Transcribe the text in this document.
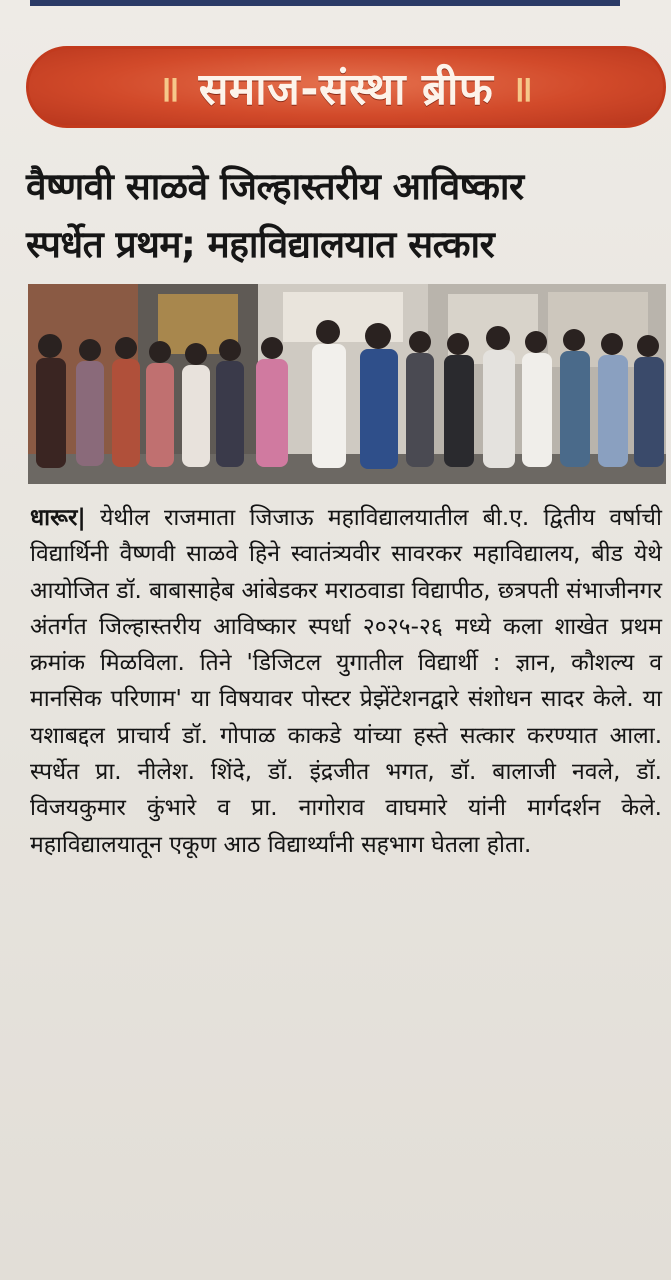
॥ समाज-संस्था ब्रीफ ॥
वैष्णवी साळवे जिल्हास्तरीय आविष्कार
स्पर्धेत प्रथम; महाविद्यालयात सत्कार

धारूर| येथील राजमाता जिजाऊ महाविद्यालयातील बी.ए. द्वितीय वर्षाची विद्यार्थिनी वैष्णवी साळवे हिने स्वातंत्र्यवीर सावरकर महाविद्यालय, बीड येथे आयोजित डॉ. बाबासाहेब आंबेडकर मराठवाडा विद्यापीठ, छत्रपती संभाजीनगर अंतर्गत जिल्हास्तरीय आविष्कार स्पर्धा २०२५-२६ मध्ये कला शाखेत प्रथम क्रमांक मिळविला. तिने 'डिजिटल युगातील विद्यार्थी : ज्ञान, कौशल्य व मानसिक परिणाम' या विषयावर पोस्टर प्रेझेंटेशनद्वारे संशोधन सादर केले. या यशाबद्दल प्राचार्य डॉ. गोपाळ काकडे यांच्या हस्ते सत्कार करण्यात आला. स्पर्धेत प्रा. नीलेश. शिंदे, डॉ. इंद्रजीत भगत, डॉ. बालाजी नवले, डॉ. विजयकुमार कुंभारे व प्रा. नागोराव वाघमारे यांनी मार्गदर्शन केले. महाविद्यालयातून एकूण आठ विद्यार्थ्यांनी सहभाग घेतला होता.
